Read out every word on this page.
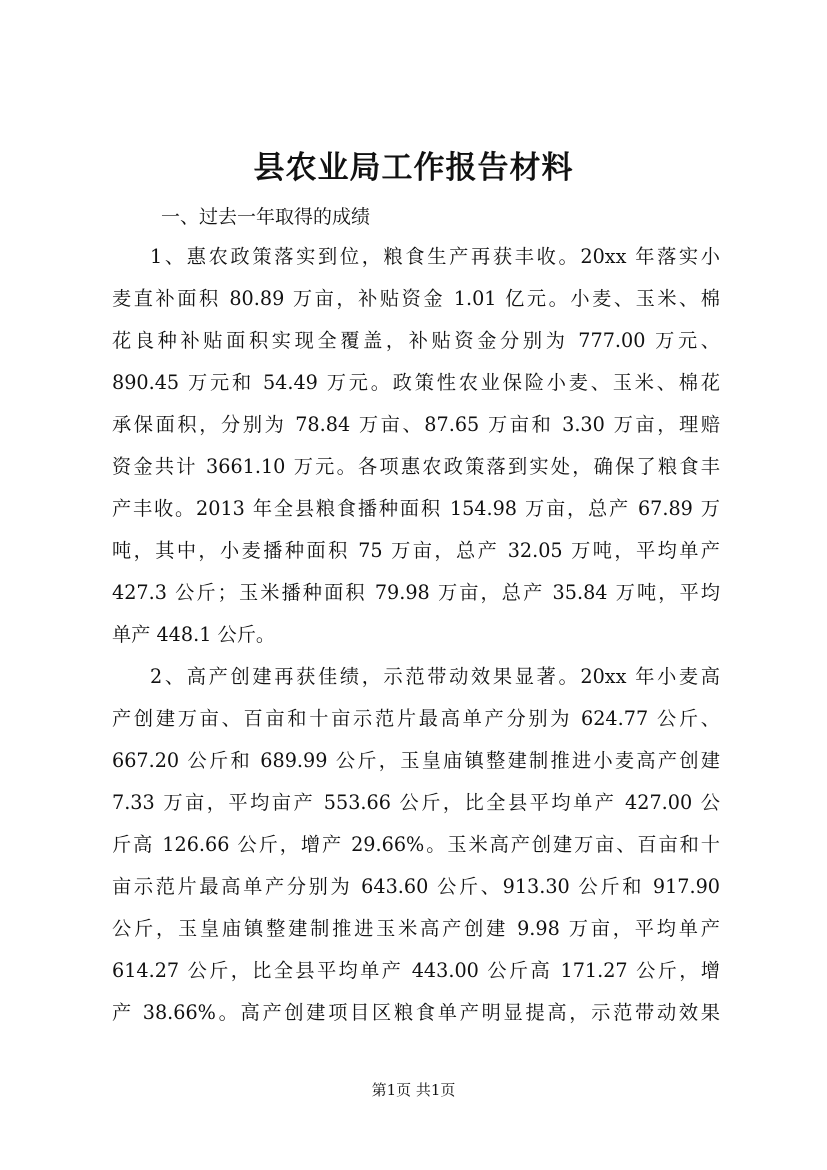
县农业局工作报告材料
一、过去一年取得的成绩
1、惠农政策落实到位，粮食生产再获丰收。20xx 年落实小
麦直补面积 80.89 万亩，补贴资金 1.01 亿元。小麦、玉米、棉
花良种补贴面积实现全覆盖，补贴资金分别为 777.00 万元、
890.45 万元和 54.49 万元。政策性农业保险小麦、玉米、棉花
承保面积，分别为 78.84 万亩、87.65 万亩和 3.30 万亩，理赔
资金共计 3661.10 万元。各项惠农政策落到实处，确保了粮食丰
产丰收。2013 年全县粮食播种面积 154.98 万亩，总产 67.89 万
吨，其中，小麦播种面积 75 万亩，总产 32.05 万吨，平均单产
427.3 公斤；玉米播种面积 79.98 万亩，总产 35.84 万吨，平均
单产 448.1 公斤。
2、高产创建再获佳绩，示范带动效果显著。20xx 年小麦高
产创建万亩、百亩和十亩示范片最高单产分别为 624.77 公斤、
667.20 公斤和 689.99 公斤，玉皇庙镇整建制推进小麦高产创建
7.33 万亩，平均亩产 553.66 公斤，比全县平均单产 427.00 公
斤高 126.66 公斤，增产 29.66%。玉米高产创建万亩、百亩和十
亩示范片最高单产分别为 643.60 公斤、913.30 公斤和 917.90
公斤，玉皇庙镇整建制推进玉米高产创建 9.98 万亩，平均单产
614.27 公斤，比全县平均单产 443.00 公斤高 171.27 公斤，增
产 38.66%。高产创建项目区粮食单产明显提高，示范带动效果
第1页 共1页
